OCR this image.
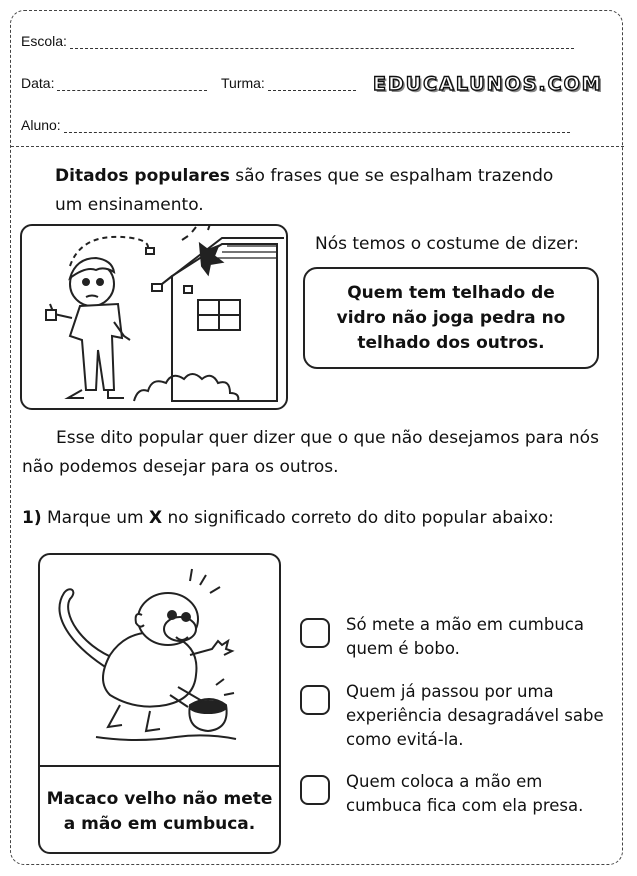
Escola:
Data:	Turma:	EDUCALUNOS.COM
Aluno:
Ditados populares são frases que se espalham trazendo um ensinamento.
Nós temos o costume de dizer:
Quem tem telhado de vidro não joga pedra no telhado dos outros.
Esse dito popular quer dizer que o que não desejamos para nós não podemos desejar para os outros.
1) Marque um X no significado correto do dito popular abaixo:
Macaco velho não mete a mão em cumbuca.
Só mete a mão em cumbuca quem é bobo.
Quem já passou por uma experiência desagradável sabe como evitá-la.
Quem coloca a mão em cumbuca fica com ela presa.
